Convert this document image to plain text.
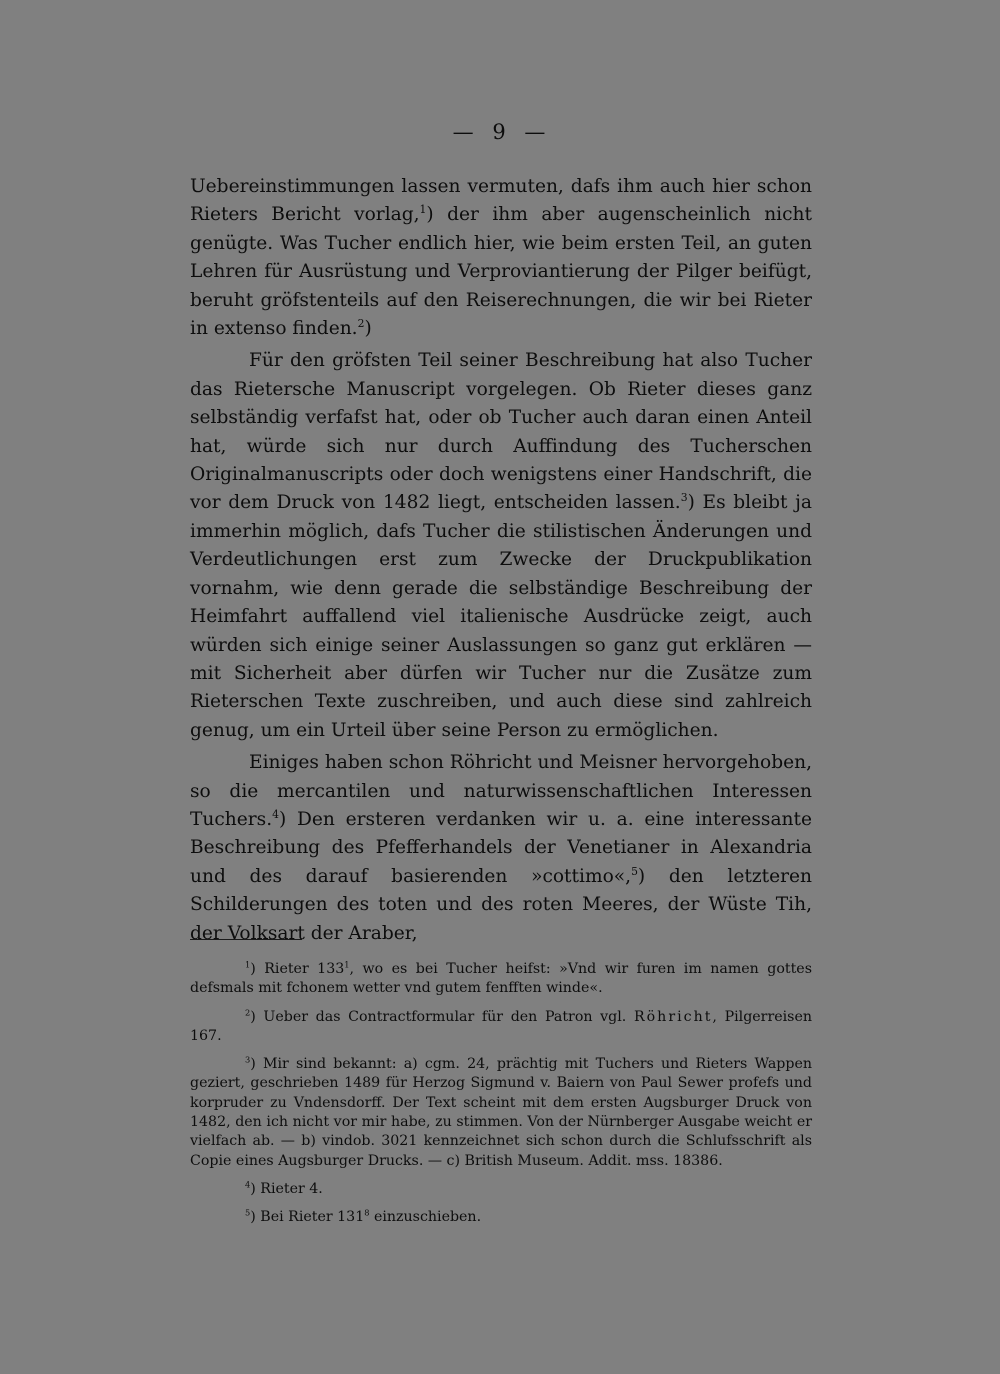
— 9 —

Uebereinstimmungen lassen vermuten, dafs ihm auch hier schon Rieters Bericht vorlag,$^1$) der ihm aber augenscheinlich nicht genügte. Was Tucher endlich hier, wie beim ersten Teil, an guten Lehren für Ausrüstung und Verproviantierung der Pilger beifügt, beruht gröfstenteils auf den Reiserechnungen, die wir bei Rieter in extenso finden.$^2$)

Für den gröfsten Teil seiner Beschreibung hat also Tucher das Rietersche Manuscript vorgelegen. Ob Rieter dieses ganz selbständig verfafst hat, oder ob Tucher auch daran einen Anteil hat, würde sich nur durch Auffindung des Tucherschen Originalmanuscripts oder doch wenigstens einer Handschrift, die vor dem Druck von 1482 liegt, entscheiden lassen.$^3$) Es bleibt ja immerhin möglich, dafs Tucher die stilistischen Änderungen und Verdeutlichungen erst zum Zwecke der Druckpublikation vornahm, wie denn gerade die selbständige Beschreibung der Heimfahrt auffallend viel italienische Ausdrücke zeigt, auch würden sich einige seiner Auslassungen so ganz gut erklären — mit Sicherheit aber dürfen wir Tucher nur die Zusätze zum Rieterschen Texte zuschreiben, und auch diese sind zahlreich genug, um ein Urteil über seine Person zu ermöglichen.

Einiges haben schon Röhricht und Meisner hervorgehoben, so die mercantilen und naturwissenschaftlichen Interessen Tuchers.$^4$) Den ersteren verdanken wir u. a. eine interessante Beschreibung des Pfefferhandels der Venetianer in Alexandria und des darauf basierenden »cottimo«,$^5$) den letzteren Schilderungen des toten und des roten Meeres, der Wüste Tih, der Volksart der Araber,

$^1$) Rieter $133^1$, wo es bei Tucher heifst: »Vnd wir furen im namen gottes defsmals mit fchonem wetter vnd gutem fenfften winde«.

$^2$) Ueber das Contractformular für den Patron vgl. Röhricht, Pilgerreisen 167.

$^3$) Mir sind bekannt: a) cgm. 24, prächtig mit Tuchers und Rieters Wappen geziert, geschrieben 1489 für Herzog Sigmund v. Baiern von Paul Sewer profefs und korpruder zu Vndensdorff. Der Text scheint mit dem ersten Augsburger Druck von 1482, den ich nicht vor mir habe, zu stimmen. Von der Nürnberger Ausgabe weicht er vielfach ab. — b) vindob. 3021 kennzeichnet sich schon durch die Schlufsschrift als Copie eines Augsburger Drucks. — c) British Museum. Addit. mss. 18386.

$^4$) Rieter 4.

$^5$) Bei Rieter $131^8$ einzuschieben.
